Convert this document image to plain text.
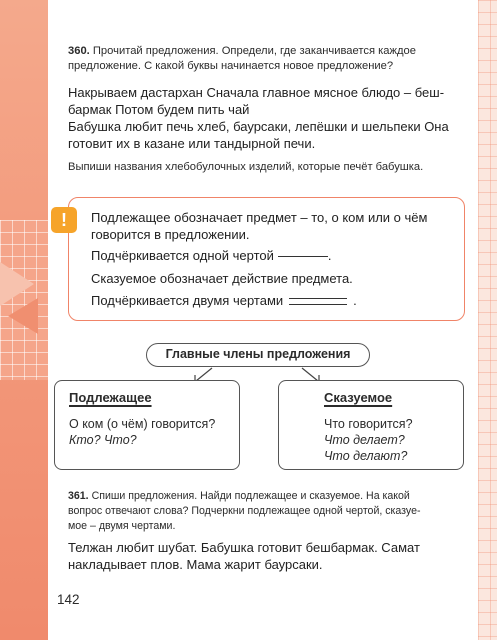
360. Прочитай предложения. Определи, где заканчивается каждое
предложение. С какой буквы начинается новое предложение?
Накрываем дастархан Сначала главное мясное блюдо – беш-
бармак Потом будем пить чай
Бабушка любит печь хлеб, баурсаки, лепёшки и шельпеки Она
готовит их в казане или тандырной печи.
Выпиши названия хлебобулочных изделий, которые печёт бабушка.
!	Подлежащее обозначает предмет – то, о ком или о чём
говорится в предложении.
Подчёркивается одной чертой	.
Сказуемое обозначает действие предмета.
Подчёркивается двумя чертами	.
Главные члены предложения
Подлежащее
О ком (о чём) говорится?
Кто? Что?
Сказуемое
Что говорится?
Что делает?
Что делают?
361. Спиши предложения. Найди подлежащее и сказуемое. На какой
вопрос отвечают слова? Подчеркни подлежащее одной чертой, сказуе-
мое – двумя чертами.
Телжан любит шубат. Бабушка готовит бешбармак. Самат
накладывает плов. Мама жарит баурсаки.
142
